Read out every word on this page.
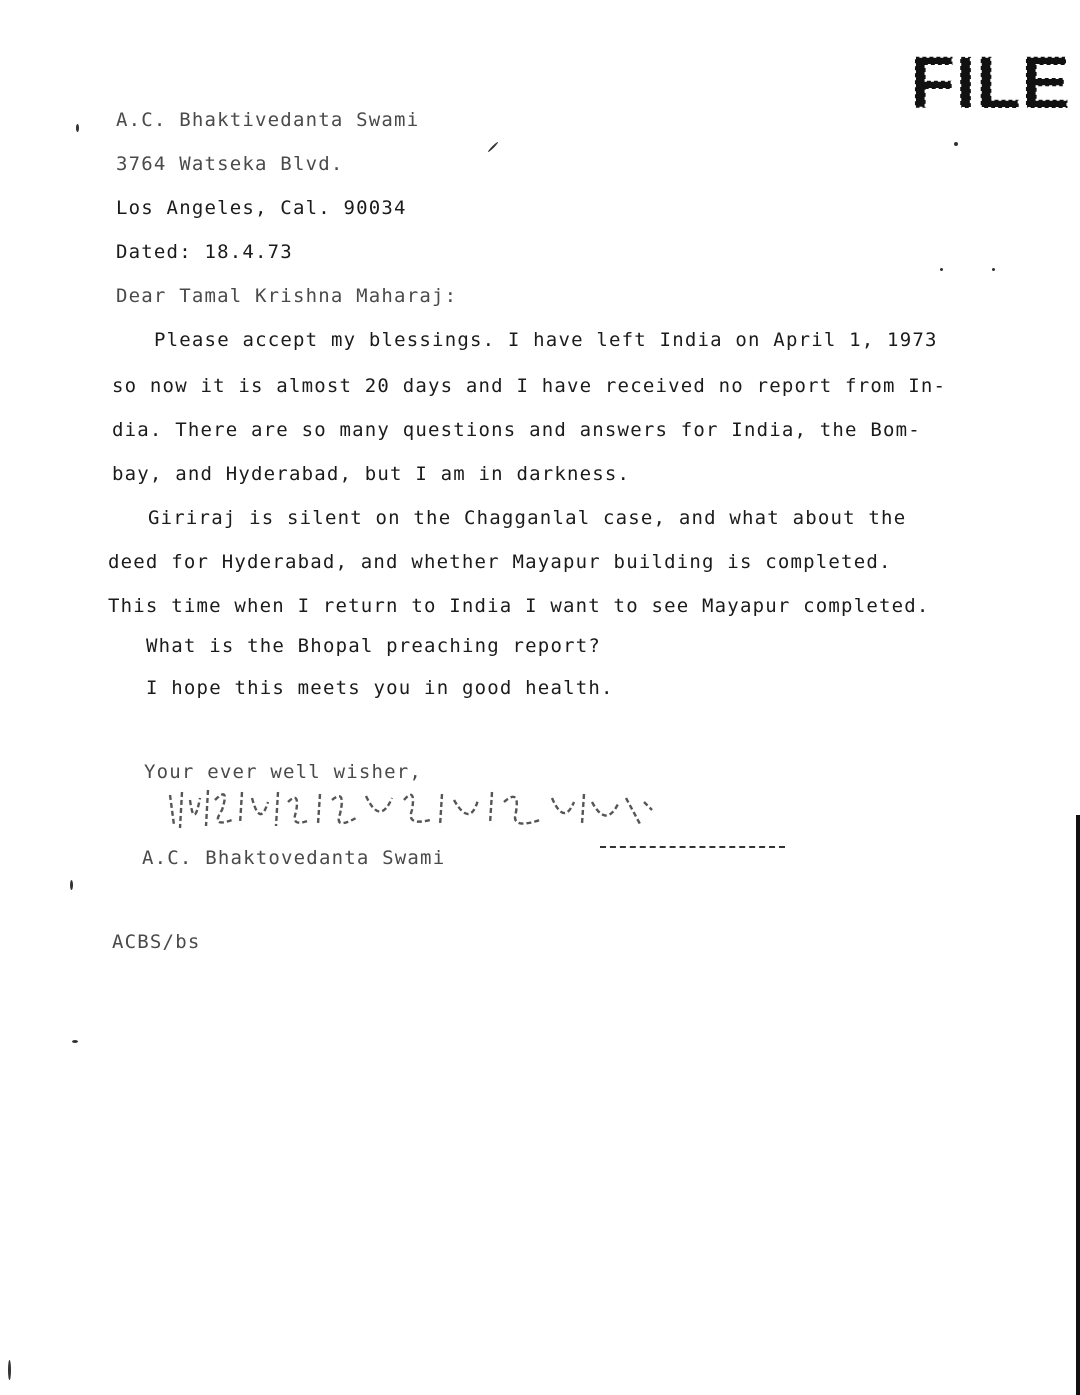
FILE
A.C. Bhaktivedanta Swami
3764 Watseka Blvd.
Los Angeles, Cal. 90034
Dated: 18.4.73
Dear Tamal Krishna Maharaj:
Please accept my blessings. I have left India on April 1, 1973
so now it is almost 20 days and I have received no report from In-
dia. There are so many questions and answers for India, the Bom-
bay, and Hyderabad, but I am in darkness.
Giriraj is silent on the Chagganlal case, and what about the
deed for Hyderabad, and whether Mayapur building is completed.
This time when I return to India I want to see Mayapur completed.
What is the Bhopal preaching report?
I hope this meets you in good health.
Your ever well wisher,
A.C. Bhaktovedanta Swami
ACBS/bs
